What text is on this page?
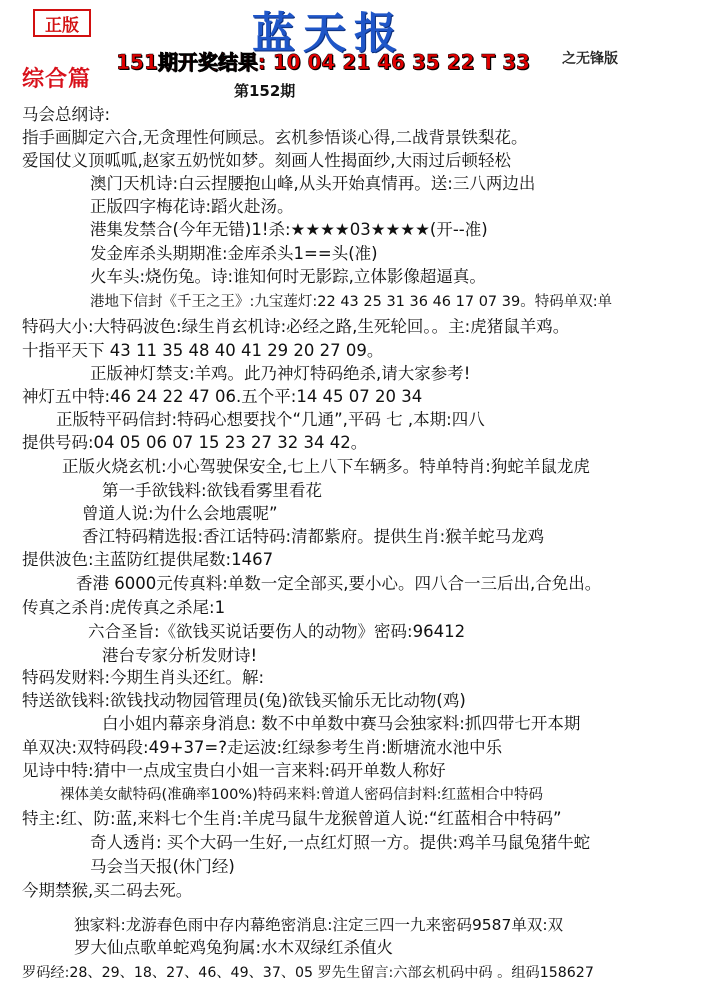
正版	蓝天报
151期开奖结果: 10 04 21 46 35 22 T 33 之无锋版
综合篇	第152期
马会总纲诗:
指手画脚定六合,无贪理性何顾忌。玄机参悟谈心得,二战背景铁梨花。
爱国仗义顶呱呱,赵家五奶恍如梦。刻画人性揭面纱,大雨过后顿轻松
澳门天机诗:白云捏腰抱山峰,从头开始真情再。送:三八两边出
正版四字梅花诗:蹈火赴汤。
港集发禁合(今年无错)1!杀:★★★★03★★★★(开--准)
发金库杀头期期准:金库杀头1==头(准)
火车头:烧伤兔。诗:谁知何时无影踪,立体影像超逼真。
港地下信封《千王之王》:九宝莲灯:22 43 25 31 36 46 17 07 39。特码单双:单
特码大小:大特码波色:绿生肖玄机诗:必经之路,生死轮回。。主:虎猪鼠羊鸡。
十指平天下 43 11 35 48 40 41 29 20 27 09。
正版神灯禁支:羊鸡。此乃神灯特码绝杀,请大家参考!
神灯五中特:46 24 22 47 06.五个平:14 45 07 20 34
正版特平码信封:特码心想要找个“几通”,平码 七 ,本期:四八
提供号码:04 05 06 07 15 23 27 32 34 42。
正版火烧玄机:小心驾驶保安全,七上八下车辆多。特单特肖:狗蛇羊鼠龙虎
第一手欲钱料:欲钱看雾里看花
曾道人说:为什么会地震呢”
香江特码精选报:香江话特码:清都紫府。提供生肖:猴羊蛇马龙鸡
提供波色:主蓝防红提供尾数:1467
香港 6000元传真料:单数一定全部买,要小心。四八合一三后出,合免出。
传真之杀肖:虎传真之杀尾:1
六合圣旨:《欲钱买说话要伤人的动物》密码:96412
港台专家分析发财诗!
特码发财料:今期生肖头还红。解:
特送欲钱料:欲钱找动物园管理员(兔)欲钱买愉乐无比动物(鸡)
白小姐内幕亲身消息: 数不中单数中赛马会独家料:抓四带七开本期
单双决:双特码段:49+37=?走运波:红绿参考生肖:断塘流水池中乐
见诗中特:猜中一点成宝贵白小姐一言来料:码开单数人称好
裸体美女献特码(准确率100%)特码来料:曾道人密码信封料:红蓝相合中特码
特主:红、防:蓝,来料七个生肖:羊虎马鼠牛龙猴曾道人说:“红蓝相合中特码”
奇人透肖: 买个大码一生好,一点红灯照一方。提供:鸡羊马鼠兔猪牛蛇
马会当天报(休门经)
今期禁猴,买二码去死。
独家料:龙游春色雨中存内幕绝密消息:注定三四一九来密码9587单双:双
罗大仙点歌单蛇鸡兔狗属:水木双绿红杀值火
罗码经:28、29、18、27、46、49、37、05 罗先生留言:六部玄机码中码 。组码158627
